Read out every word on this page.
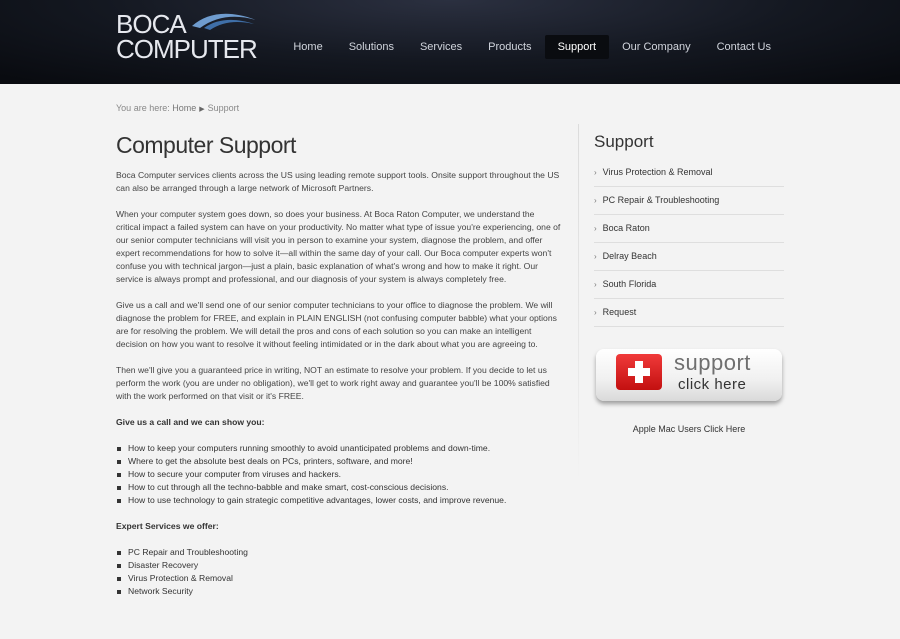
BOCA
COMPUTER	Home	Solutions	Services	Products	Support	Our Company	Contact Us
You are here: Home ▶ Support
Computer Support

Boca Computer services clients across the US using leading remote support tools. Onsite support throughout the US can also be arranged through a large network of Microsoft Partners.

When your computer system goes down, so does your business. At Boca Raton Computer, we understand the critical impact a failed system can have on your productivity. No matter what type of issue you're experiencing, one of our senior computer technicians will visit you in person to examine your system, diagnose the problem, and offer expert recommendations for how to solve it—all within the same day of your call. Our Boca computer experts won't confuse you with technical jargon—just a plain, basic explanation of what's wrong and how to make it right. Our service is always prompt and professional, and our diagnosis of your system is always completely free.

Give us a call and we'll send one of our senior computer technicians to your office to diagnose the problem. We will diagnose the problem for FREE, and explain in PLAIN ENGLISH (not confusing computer babble) what your options are for resolving the problem. We will detail the pros and cons of each solution so you can make an intelligent decision on how you want to resolve it without feeling intimidated or in the dark about what you are agreeing to.

Then we'll give you a guaranteed price in writing, NOT an estimate to resolve your problem. If you decide to let us perform the work (you are under no obligation), we'll get to work right away and guarantee you'll be 100% satisfied with the work performed on that visit or it's FREE.

Give us a call and we can show you:

How to keep your computers running smoothly to avoid unanticipated problems and down-time.
Where to get the absolute best deals on PCs, printers, software, and more!
How to secure your computer from viruses and hackers.
How to cut through all the techno-babble and make smart, cost-conscious decisions.
How to use technology to gain strategic competitive advantages, lower costs, and improve revenue.

Expert Services we offer:

PC Repair and Troubleshooting
Disaster Recovery
Virus Protection & Removal
Network Security
Support
› Virus Protection & Removal
› PC Repair & Troubleshooting
› Boca Raton
› Delray Beach
› South Florida
› Request
support
click here
Apple Mac Users Click Here
